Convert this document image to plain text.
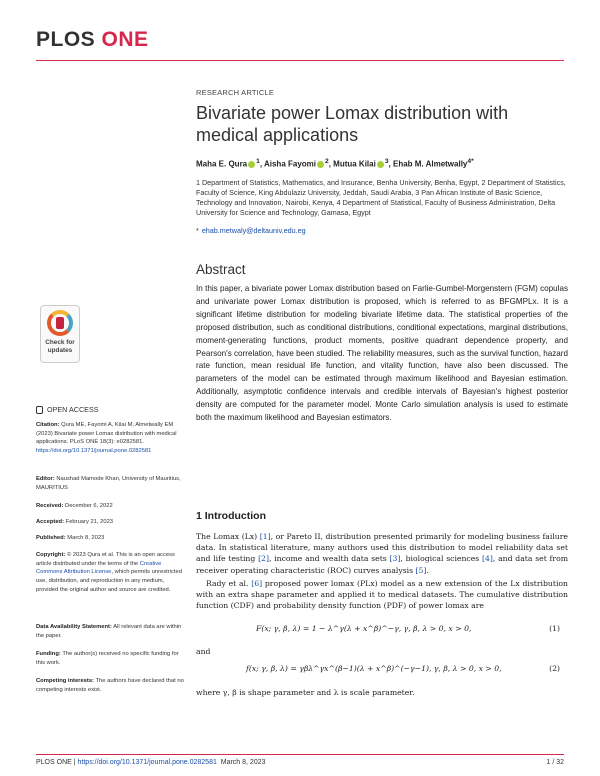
PLOS ONE
RESEARCH ARTICLE
Bivariate power Lomax distribution with medical applications
Maha E. Qura $^1$, Aisha Fayomi $^2$, Mutua Kilai $^3$, Ehab M. Almetwally$^{4*}$
1 Department of Statistics, Mathematics, and Insurance, Benha University, Benha, Egypt, 2 Department of Statistics, Faculty of Science, King Abdulaziz University, Jeddah, Saudi Arabia, 3 Pan African Institute of Basic Science, Technology and Innovation, Nairobi, Kenya, 4 Department of Statistical, Faculty of Business Administration, Delta University for Science and Technology, Gamasa, Egypt
* ehab.metwaly@deltauniv.edu.eg
Abstract
In this paper, a bivariate power Lomax distribution based on Farlie-Gumbel-Morgenstern (FGM) copulas and univariate power Lomax distribution is proposed, which is referred to as BFGMPLx. It is a significant lifetime distribution for modeling bivariate lifetime data. The statistical properties of the proposed distribution, such as conditional distributions, conditional expectations, marginal distributions, moment-generating functions, product moments, positive quadrant dependence property, and Pearson's correlation, have been studied. The reliability measures, such as the survival function, hazard rate function, mean residual life function, and vitality function, have also been discussed. The parameters of the model can be estimated through maximum likelihood and Bayesian estimation. Additionally, asymptotic confidence intervals and credible intervals of Bayesian's highest posterior density are computed for the parameter model. Monte Carlo simulation analysis is used to estimate both the maximum likelihood and Bayesian estimators.
Check for
updates
OPEN ACCESS
Citation: Qura ME, Fayomi A, Kilai M, Almetwally EM (2023) Bivariate power Lomax distribution with medical applications. PLoS ONE 18(3): e0282581. https://doi.org/10.1371/journal.pone.0282581
Editor: Naushad Mamode Khan, University of Mauritius, MAURITIUS
Received: December 6, 2022
Accepted: February 21, 2023
Published: March 8, 2023
Copyright: © 2023 Qura et al. This is an open access article distributed under the terms of the Creative Commons Attribution License, which permits unrestricted use, distribution, and reproduction in any medium, provided the original author and source are credited.
Data Availability Statement: All relevant data are within the paper.
Funding: The author(s) received no specific funding for this work.
Competing interests: The authors have declared that no competing interests exist.
1 Introduction
The Lomax (Lx) [1], or Pareto II, distribution presented primarily for modeling business failure data. In statistical literature, many authors used this distribution to model reliability data set and life testing [2], income and wealth data sets [3], biological sciences [4], and data set from receiver operating characteristic (ROC) curves analysis [5].
Rady et al. [6] proposed power lomax (PLx) model as a new extension of the Lx distribution with an extra shape parameter and applied it to medical datasets. The cumulative distribution function (CDF) and probability density function (PDF) of power lomax are
F(x; γ, β, λ) = 1 − λ^γ(λ + x^β)^−γ, γ, β, λ > 0, x > 0,	(1)
and
f(x; γ, β, λ) = γβλ^γx^(β−1)(λ + x^β)^(−γ−1), γ, β, λ > 0, x > 0,	(2)
where γ, β is shape parameter and λ is scale parameter.
PLOS ONE | https://doi.org/10.1371/journal.pone.0282581 March 8, 2023	1 / 32
